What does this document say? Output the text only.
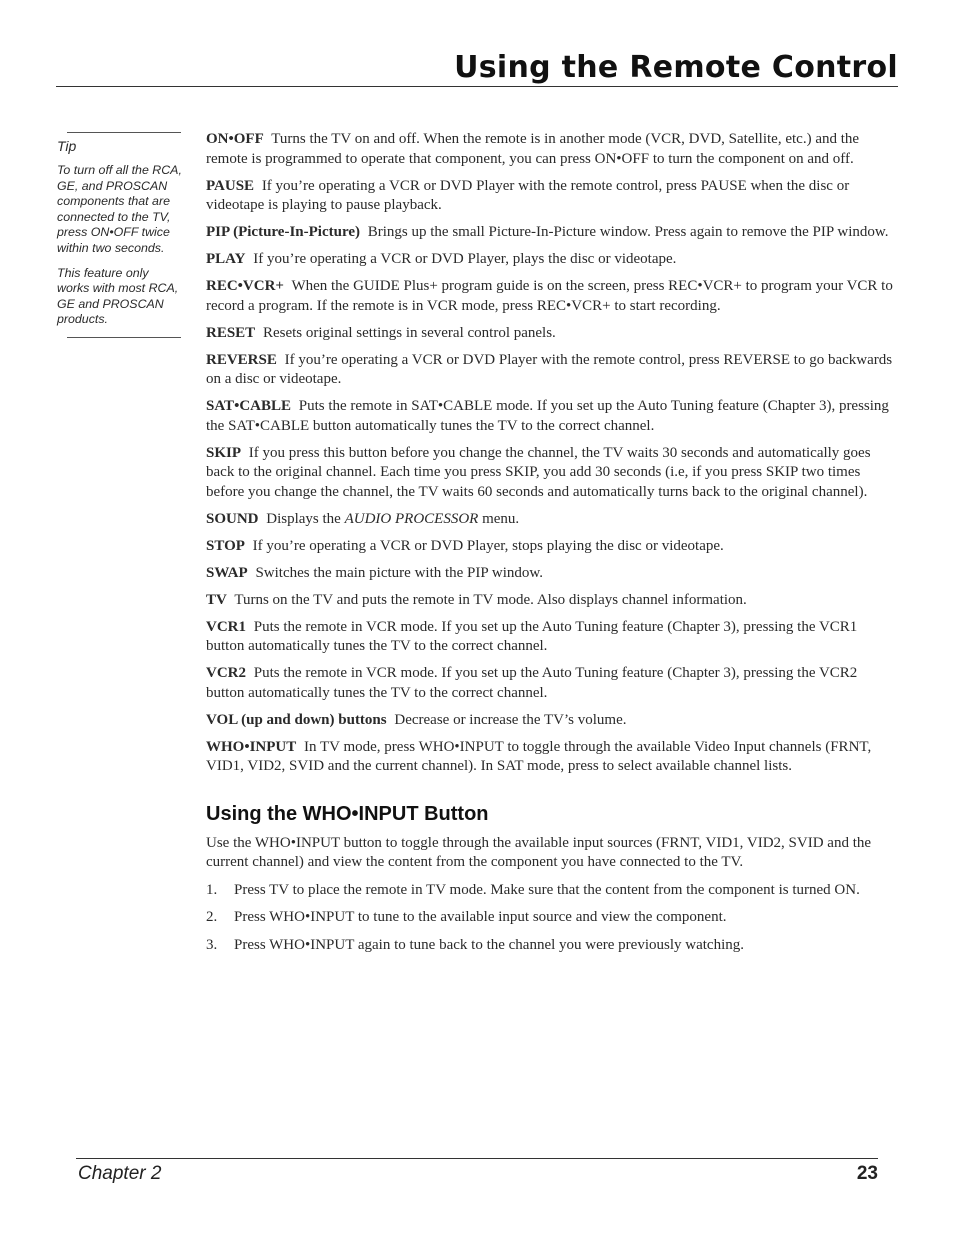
Using the Remote Control
Tip

To turn off all the RCA, GE, and PROSCAN components that are connected to the TV, press ON•OFF twice within two seconds.

This feature only works with most RCA, GE and PROSCAN products.

ON•OFF Turns the TV on and off. When the remote is in another mode (VCR, DVD, Satellite, etc.) and the remote is programmed to operate that component, you can press ON•OFF to turn the component on and off.

PAUSE If you’re operating a VCR or DVD Player with the remote control, press PAUSE when the disc or videotape is playing to pause playback.

PIP (Picture-In-Picture) Brings up the small Picture-In-Picture window. Press again to remove the PIP window.

PLAY If you’re operating a VCR or DVD Player, plays the disc or videotape.

REC•VCR+ When the GUIDE Plus+ program guide is on the screen, press REC•VCR+ to program your VCR to record a program. If the remote is in VCR mode, press REC•VCR+ to start recording.

RESET Resets original settings in several control panels.

REVERSE If you’re operating a VCR or DVD Player with the remote control, press REVERSE to go backwards on a disc or videotape.

SAT•CABLE Puts the remote in SAT•CABLE mode. If you set up the Auto Tuning feature (Chapter 3), pressing the SAT•CABLE button automatically tunes the TV to the correct channel.

SKIP If you press this button before you change the channel, the TV waits 30 seconds and automatically goes back to the original channel. Each time you press SKIP, you add 30 seconds (i.e, if you press SKIP two times before you change the channel, the TV waits 60 seconds and automatically turns back to the original channel).

SOUND Displays the AUDIO PROCESSOR menu.

STOP If you’re operating a VCR or DVD Player, stops playing the disc or videotape.

SWAP Switches the main picture with the PIP window.

TV Turns on the TV and puts the remote in TV mode. Also displays channel information.

VCR1 Puts the remote in VCR mode. If you set up the Auto Tuning feature (Chapter 3), pressing the VCR1 button automatically tunes the TV to the correct channel.

VCR2 Puts the remote in VCR mode. If you set up the Auto Tuning feature (Chapter 3), pressing the VCR2 button automatically tunes the TV to the correct channel.

VOL (up and down) buttons Decrease or increase the TV’s volume.

WHO•INPUT In TV mode, press WHO•INPUT to toggle through the available Video Input channels (FRNT, VID1, VID2, SVID and the current channel). In SAT mode, press to select available channel lists.

Using the WHO•INPUT Button

Use the WHO•INPUT button to toggle through the available input sources (FRNT, VID1, VID2, SVID and the current channel) and view the content from the component you have connected to the TV.

1.	Press TV to place the remote in TV mode. Make sure that the content from the component is turned ON.
2.	Press WHO•INPUT to tune to the available input source and view the component.
3.	Press WHO•INPUT again to tune back to the channel you were previously watching.
Chapter 2	23
